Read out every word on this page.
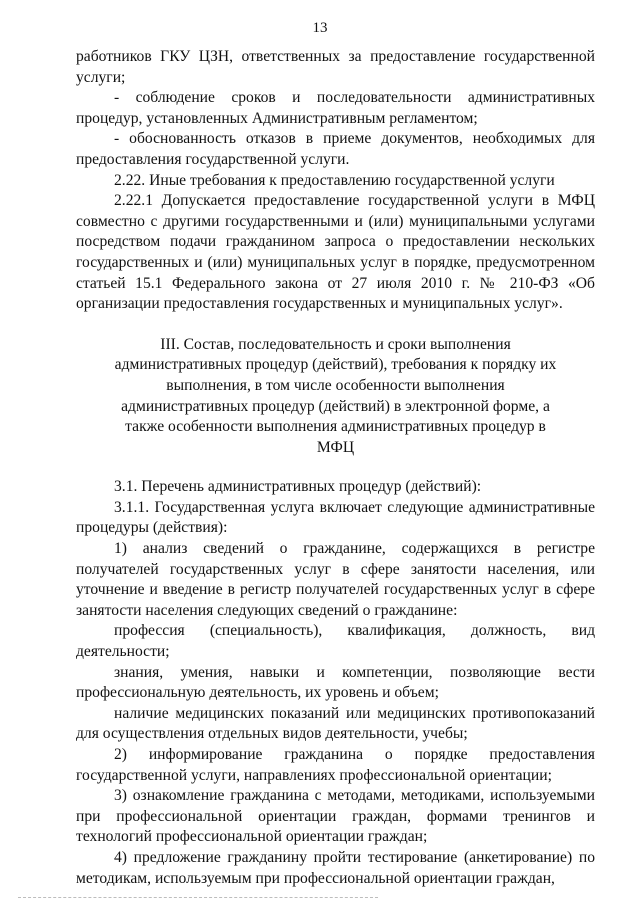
13

работников ГКУ ЦЗН, ответственных за предоставление государственной услуги;

- соблюдение сроков и последовательности административных процедур, установленных Административным регламентом;

- обоснованность отказов в приеме документов, необходимых для предоставления государственной услуги.

2.22. Иные требования к предоставлению государственной услуги

2.22.1 Допускается предоставление государственной услуги в МФЦ совместно с другими государственными и (или) муниципальными услугами посредством подачи гражданином запроса о предоставлении нескольких государственных и (или) муниципальных услуг в порядке, предусмотренном статьей 15.1 Федерального закона от 27 июля 2010 г. № 210-ФЗ «Об организации предоставления государственных и муниципальных услуг».

III. Состав, последовательность и сроки выполнения административных процедур (действий), требования к порядку их выполнения, в том числе особенности выполнения административных процедур (действий) в электронной форме, а также особенности выполнения административных процедур в МФЦ

3.1. Перечень административных процедур (действий):

3.1.1. Государственная услуга включает следующие административные процедуры (действия):

1) анализ сведений о гражданине, содержащихся в регистре получателей государственных услуг в сфере занятости населения, или уточнение и введение в регистр получателей государственных услуг в сфере занятости населения следующих сведений о гражданине:

профессия (специальность), квалификация, должность, вид деятельности;

знания, умения, навыки и компетенции, позволяющие вести профессиональную деятельность, их уровень и объем;

наличие медицинских показаний или медицинских противопоказаний для осуществления отдельных видов деятельности, учебы;

2) информирование гражданина о порядке предоставления государственной услуги, направлениях профессиональной ориентации;

3) ознакомление гражданина с методами, методиками, используемыми при профессиональной ориентации граждан, формами тренингов и технологий профессиональной ориентации граждан;

4) предложение гражданину пройти тестирование (анкетирование) по методикам, используемым при профессиональной ориентации граждан,
